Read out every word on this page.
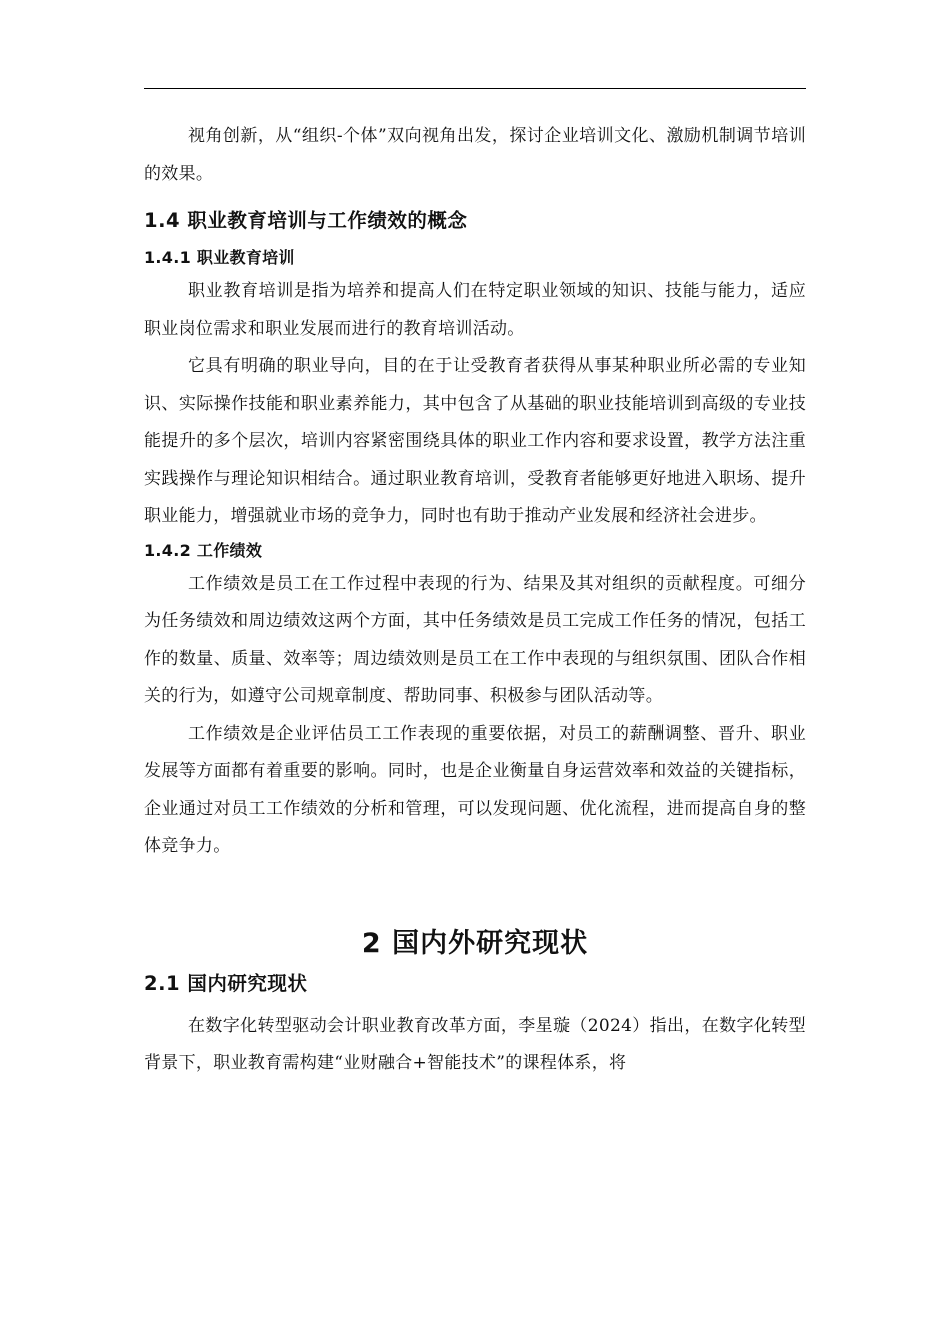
视角创新，从“组织-个体”双向视角出发，探讨企业培训文化、激励机制调节培训的效果。

1.4 职业教育培训与工作绩效的概念
1.4.1 职业教育培训

职业教育培训是指为培养和提高人们在特定职业领域的知识、技能与能力，适应职业岗位需求和职业发展而进行的教育培训活动。

它具有明确的职业导向，目的在于让受教育者获得从事某种职业所必需的专业知识、实际操作技能和职业素养能力，其中包含了从基础的职业技能培训到高级的专业技能提升的多个层次，培训内容紧密围绕具体的职业工作内容和要求设置，教学方法注重实践操作与理论知识相结合。通过职业教育培训，受教育者能够更好地进入职场、提升职业能力，增强就业市场的竞争力，同时也有助于推动产业发展和经济社会进步。

1.4.2 工作绩效

工作绩效是员工在工作过程中表现的行为、结果及其对组织的贡献程度。可细分为任务绩效和周边绩效这两个方面，其中任务绩效是员工完成工作任务的情况，包括工作的数量、质量、效率等；周边绩效则是员工在工作中表现的与组织氛围、团队合作相关的行为，如遵守公司规章制度、帮助同事、积极参与团队活动等。

工作绩效是企业评估员工工作表现的重要依据，对员工的薪酬调整、晋升、职业发展等方面都有着重要的影响。同时，也是企业衡量自身运营效率和效益的关键指标，企业通过对员工工作绩效的分析和管理，可以发现问题、优化流程，进而提高自身的整体竞争力。

2 国内外研究现状
2.1 国内研究现状

在数字化转型驱动会计职业教育改革方面，李星璇（2024）指出，在数字化转型背景下，职业教育需构建“业财融合+智能技术”的课程体系，将
